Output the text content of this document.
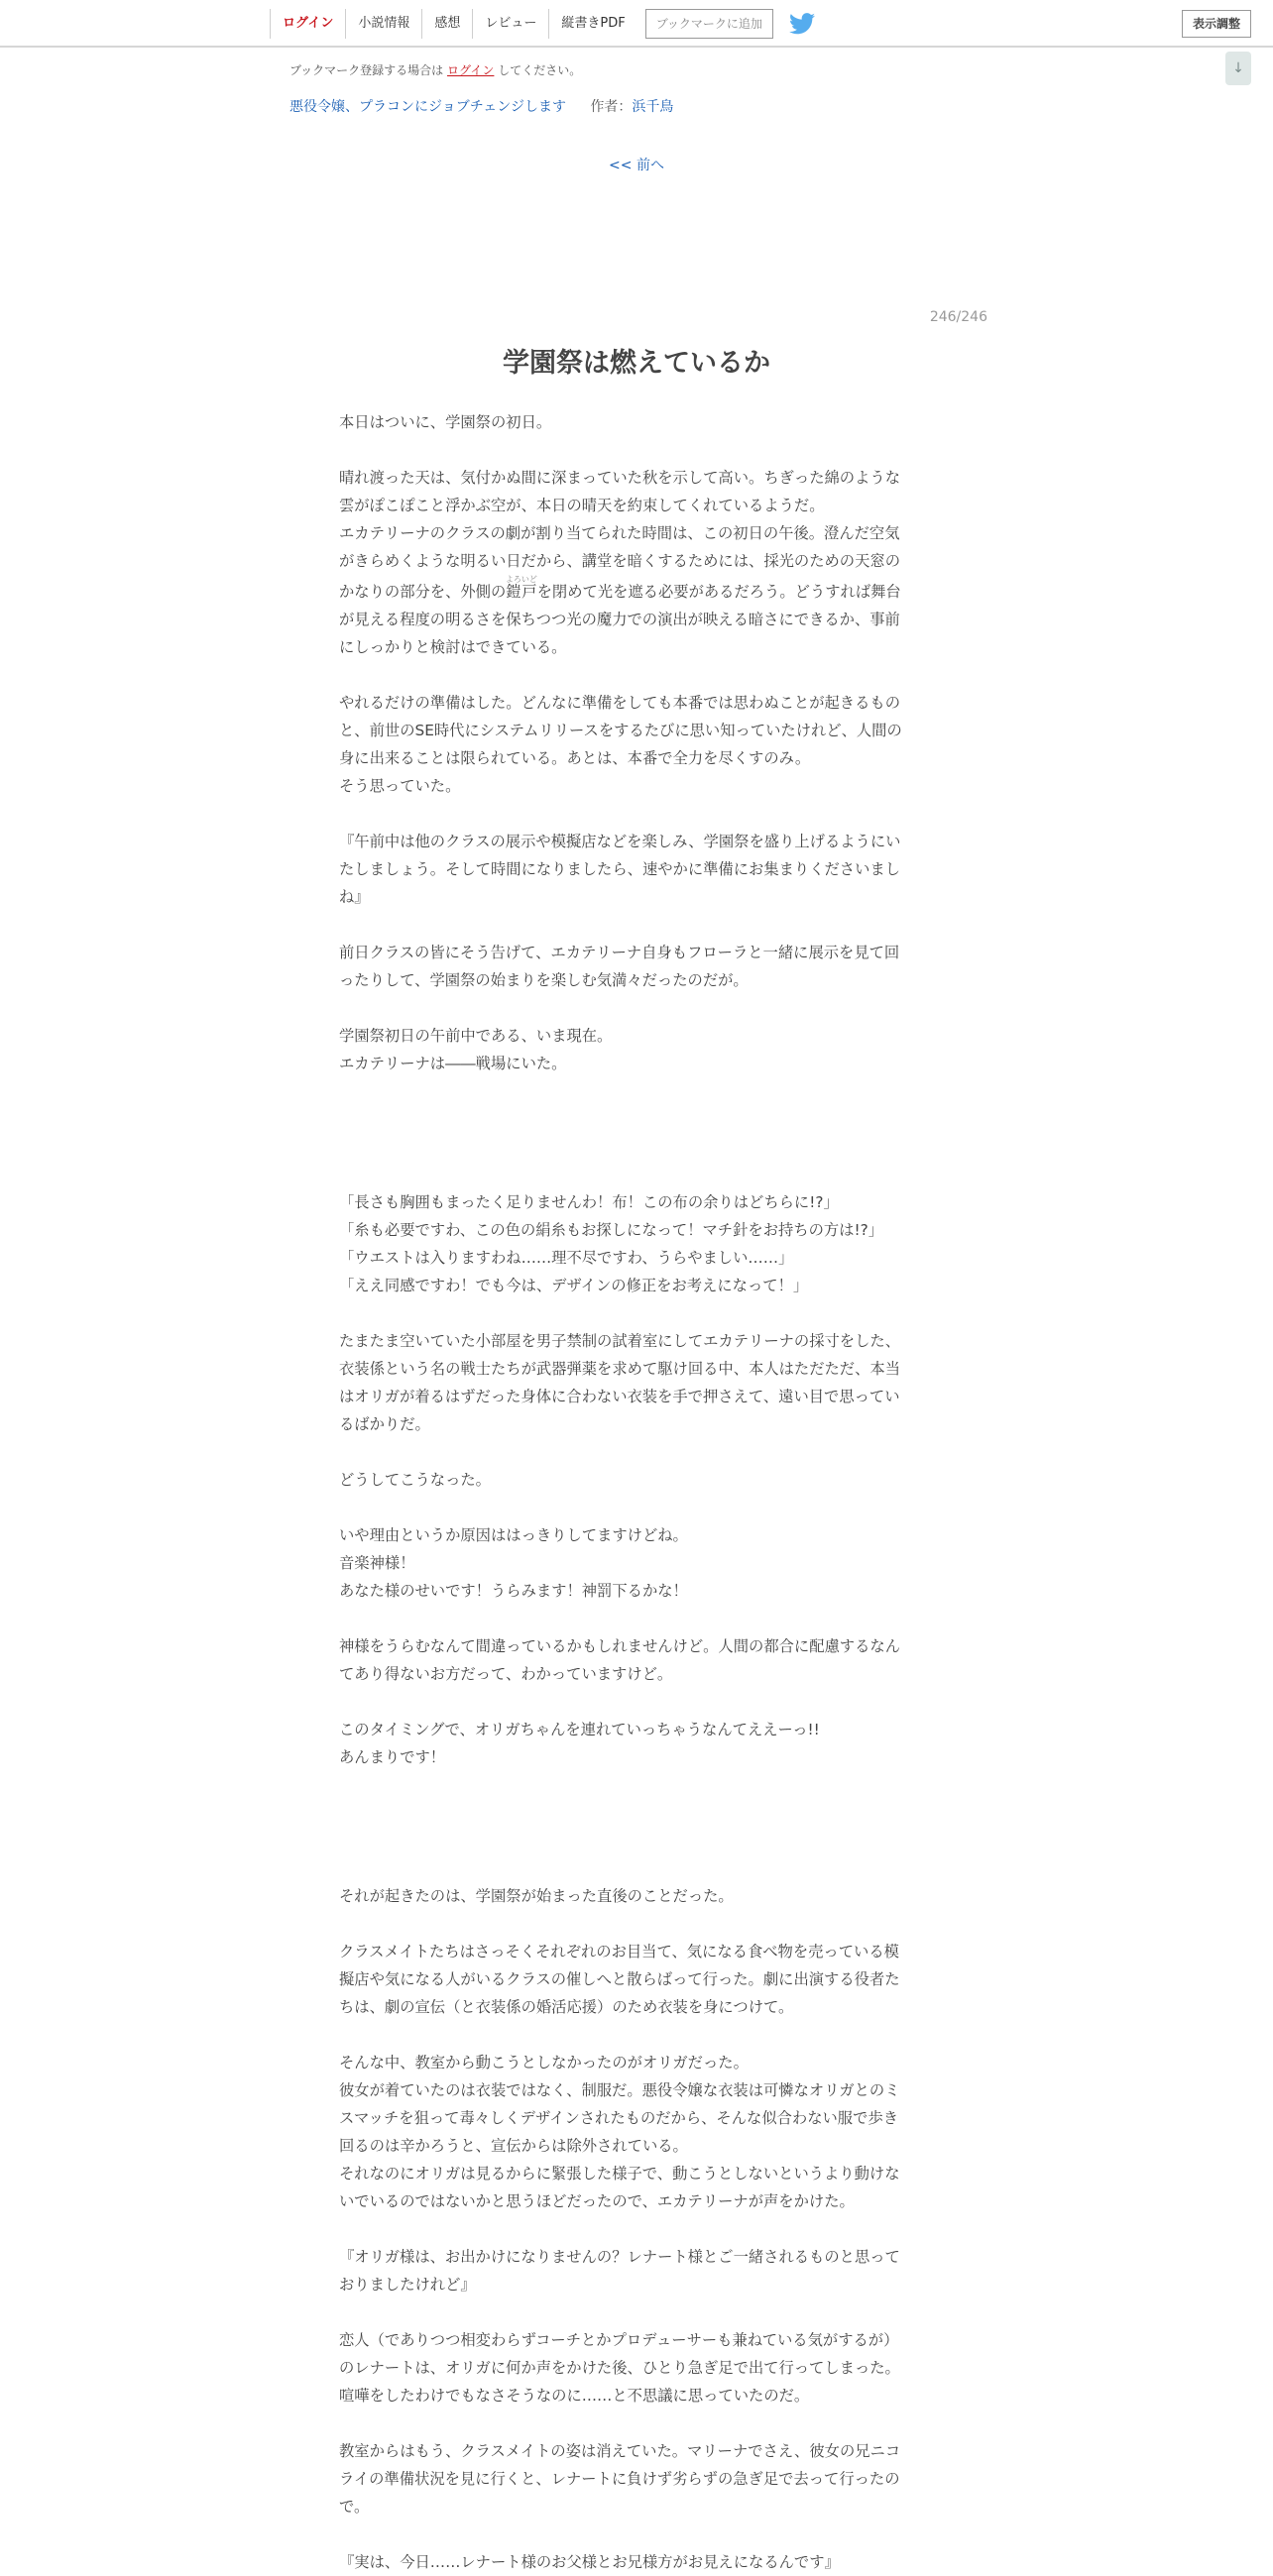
ログイン	小説情報	感想	レビュー	縦書きPDF	ブックマークに追加	表示調整
↓
ブックマーク登録する場合は ログイン してください。
悪役令嬢、プラコンにジョブチェンジします 作者：浜千鳥
<< 前へ
246/246
学園祭は燃えているか

本日はついに、学園祭の初日。

晴れ渡った天は、気付かぬ間に深まっていた秋を示して高い。ちぎった綿のような

雲がぽこぽこと浮かぶ空が、本日の晴天を約束してくれているようだ。

エカテリーナのクラスの劇が割り当てられた時間は、この初日の午後。澄んだ空気

がきらめくような明るい日だから、講堂を暗くするためには、採光のための天窓の

かなりの部分を、外側の鎧戸よろいどを閉めて光を遮る必要があるだろう。どうすれば舞台

が見える程度の明るさを保ちつつ光の魔力での演出が映える暗さにできるか、事前

にしっかりと検討はできている。

やれるだけの準備はした。どんなに準備をしても本番では思わぬことが起きるもの

と、前世のSE時代にシステムリリースをするたびに思い知っていたけれど、人間の

身に出来ることは限られている。あとは、本番で全力を尽くすのみ。

そう思っていた。

『午前中は他のクラスの展示や模擬店などを楽しみ、学園祭を盛り上げるようにい

たしましょう。そして時間になりましたら、速やかに準備にお集まりくださいまし

ね』

前日クラスの皆にそう告げて、エカテリーナ自身もフローラと一緒に展示を見て回

ったりして、学園祭の始まりを楽しむ気満々だったのだが。

学園祭初日の午前中である、いま現在。

エカテリーナは――戦場にいた。

「長さも胸囲もまったく足りませんわ！布！この布の余りはどちらに!?」

「糸も必要ですわ、この色の絹糸もお探しになって！マチ針をお持ちの方は!?」

「ウエストは入りますわね……理不尽ですわ、うらやましい……」

「ええ同感ですわ！でも今は、デザインの修正をお考えになって！」

たまたま空いていた小部屋を男子禁制の試着室にしてエカテリーナの採寸をした、

衣装係という名の戦士たちが武器弾薬を求めて駆け回る中、本人はただただ、本当

はオリガが着るはずだった身体に合わない衣装を手で押さえて、遠い目で思ってい

るばかりだ。

どうしてこうなった。

いや理由というか原因ははっきりしてますけどね。

音楽神様！

あなた様のせいです！うらみます！神罰下るかな！

神様をうらむなんて間違っているかもしれませんけど。人間の都合に配慮するなん

てあり得ないお方だって、わかっていますけど。

このタイミングで、オリガちゃんを連れていっちゃうなんてええーっ!!

あんまりです！

それが起きたのは、学園祭が始まった直後のことだった。

クラスメイトたちはさっそくそれぞれのお目当て、気になる食べ物を売っている模

擬店や気になる人がいるクラスの催しへと散らばって行った。劇に出演する役者た

ちは、劇の宣伝（と衣装係の婚活応援）のため衣装を身につけて。

そんな中、教室から動こうとしなかったのがオリガだった。

彼女が着ていたのは衣装ではなく、制服だ。悪役令嬢な衣装は可憐なオリガとのミ

スマッチを狙って毒々しくデザインされたものだから、そんな似合わない服で歩き

回るのは辛かろうと、宣伝からは除外されている。

それなのにオリガは見るからに緊張した様子で、動こうとしないというより動けな

いでいるのではないかと思うほどだったので、エカテリーナが声をかけた。

『オリガ様は、お出かけになりませんの？レナート様とご一緒されるものと思って

おりましたけれど』

恋人（でありつつ相変わらずコーチとかプロデューサーも兼ねている気がするが）

のレナートは、オリガに何か声をかけた後、ひとり急ぎ足で出て行ってしまった。

喧嘩をしたわけでもなさそうなのに……と不思議に思っていたのだ。

教室からはもう、クラスメイトの姿は消えていた。マリーナでさえ、彼女の兄ニコ

ライの準備状況を見に行くと、レナートに負けず劣らずの急ぎ足で去って行ったの

で。

『実は、今日……レナート様のお父様とお兄様方がお見えになるんです』
